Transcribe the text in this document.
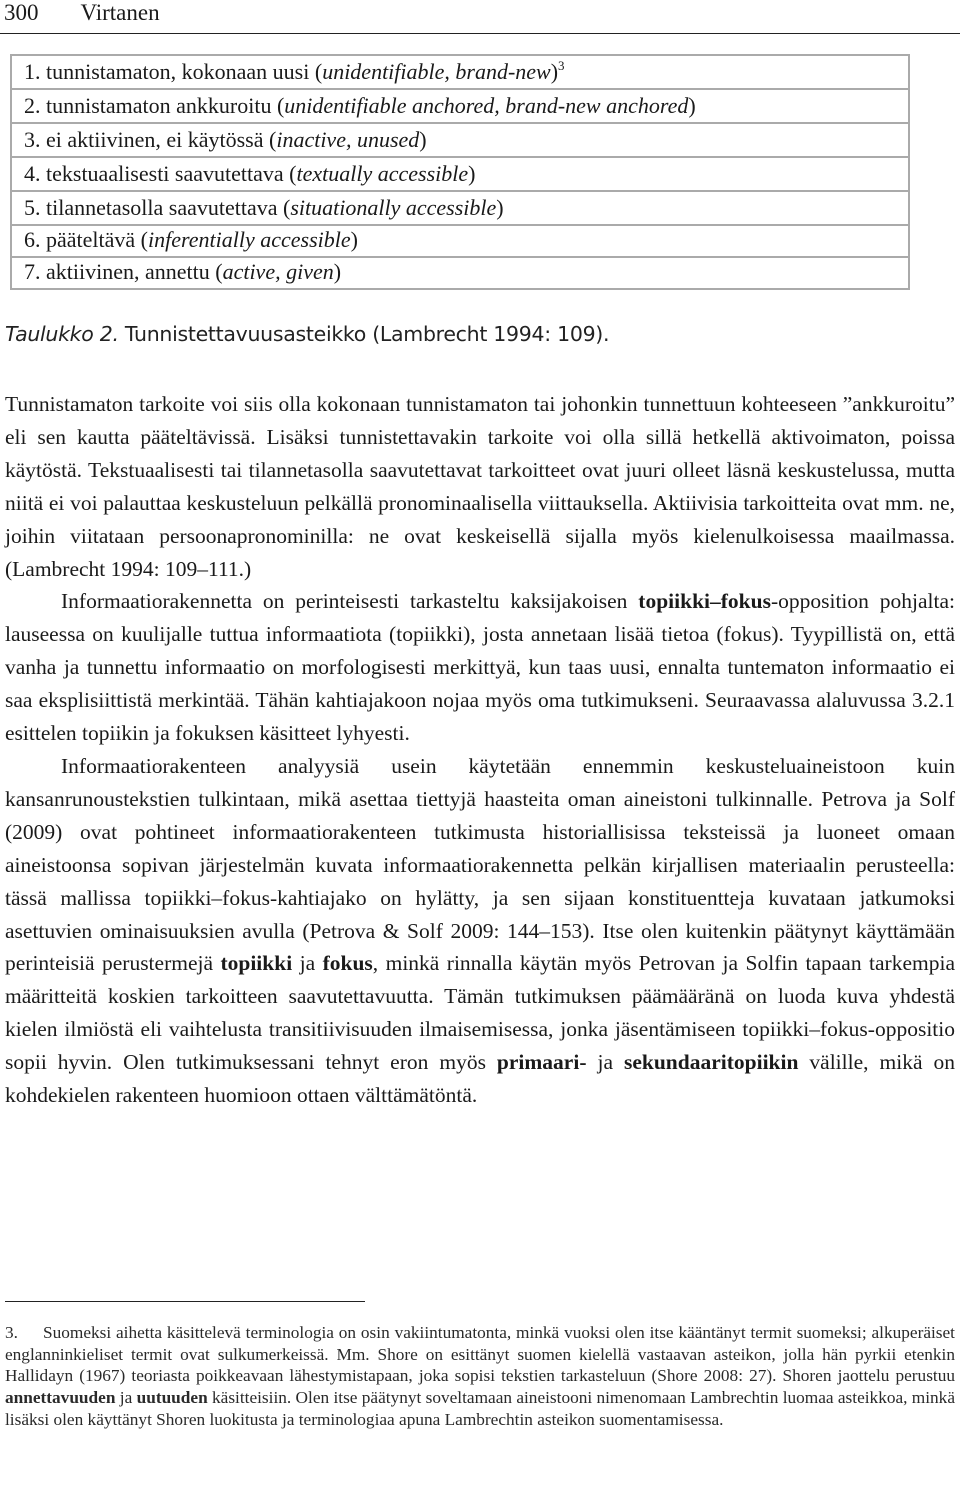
300 Virtanen
1. tunnistamaton, kokonaan uusi (unidentifiable, brand-new)$^3$
2. tunnistamaton ankkuroitu (unidentifiable anchored, brand-new anchored)
3. ei aktiivinen, ei käytössä (inactive, unused)
4. tekstuaalisesti saavutettava (textually accessible)
5. tilannetasolla saavutettava (situationally accessible)
6. pääteltävä (inferentially accessible)
7. aktiivinen, annettu (active, given)
Taulukko 2. Tunnistettavuusasteikko (Lambrecht 1994: 109).

Tunnistamaton tarkoite voi siis olla kokonaan tunnistamaton tai johonkin tunnettuun kohteeseen ”ankkuroitu” eli sen kautta pääteltävissä. Lisäksi tunnistettavakin tarkoite voi olla sillä hetkellä aktivoimaton, poissa käytöstä. Tekstuaalisesti tai tilannetasolla saavutettavat tarkoitteet ovat juuri olleet läsnä keskustelussa, mutta niitä ei voi palauttaa keskusteluun pelkällä pronominaalisella viittauksella. Aktiivisia tarkoitteita ovat mm. ne, joihin viitataan persoonapronominilla: ne ovat keskeisellä sijalla myös kielenulkoisessa maailmassa. (Lambrecht 1994: 109–111.)

Informaatiorakennetta on perinteisesti tarkasteltu kaksijakoisen topiikki–fokus-opposition pohjalta: lauseessa on kuulijalle tuttua informaatiota (topiikki), josta annetaan lisää tietoa (fokus). Tyypillistä on, että vanha ja tunnettu informaatio on morfologisesti merkittyä, kun taas uusi, ennalta tuntematon informaatio ei saa eksplisiittistä merkintää. Tähän kahtiajakoon nojaa myös oma tutkimukseni. Seuraavassa alaluvussa 3.2.1 esittelen topiikin ja fokuksen käsitteet lyhyesti.

Informaatiorakenteen analyysiä usein käytetään ennemmin keskusteluaineistoon kuin kansanrunoustekstien tulkintaan, mikä asettaa tiettyjä haasteita oman aineistoni tulkinnalle. Petrova ja Solf (2009) ovat pohtineet informaatiorakenteen tutkimusta historiallisissa teksteissä ja luoneet omaan aineistoonsa sopivan järjestelmän kuvata informaatiorakennetta pelkän kirjallisen materiaalin perusteella: tässä mallissa topiikki–fokus-kahtiajako on hylätty, ja sen sijaan konstituentteja kuvataan jatkumoksi asettuvien ominaisuuksien avulla (Petrova & Solf 2009: 144–153). Itse olen kuitenkin päätynyt käyttämään perinteisiä perustermejä topiikki ja fokus, minkä rinnalla käytän myös Petrovan ja Solfin tapaan tarkempia määritteitä koskien tarkoitteen saavutettavuutta. Tämän tutkimuksen päämääränä on luoda kuva yhdestä kielen ilmiöstä eli vaihtelusta transitiivisuuden ilmaisemisessa, jonka jäsentämiseen topiikki–fokus-oppositio sopii hyvin. Olen tutkimuksessani tehnyt eron myös primaari- ja sekundaaritopiikin välille, mikä on kohdekielen rakenteen huomioon ottaen välttämätöntä.

3. Suomeksi aihetta käsittelevä terminologia on osin vakiintumatonta, minkä vuoksi olen itse kääntänyt termit suomeksi; alkuperäiset englanninkieliset termit ovat sulkumerkeissä. Mm. Shore on esittänyt suomen kielellä vastaavan asteikon, jolla hän pyrkii etenkin Hallidayn (1967) teoriasta poikkeavaan lähestymistapaan, joka sopisi tekstien tarkasteluun (Shore 2008: 27). Shoren jaottelu perustuu annettavuuden ja uutuuden käsitteisiin. Olen itse päätynyt soveltamaan aineistooni nimenomaan Lambrechtin luomaa asteikkoa, minkä lisäksi olen käyttänyt Shoren luokitusta ja terminologiaa apuna Lambrechtin asteikon suomentamisessa.
